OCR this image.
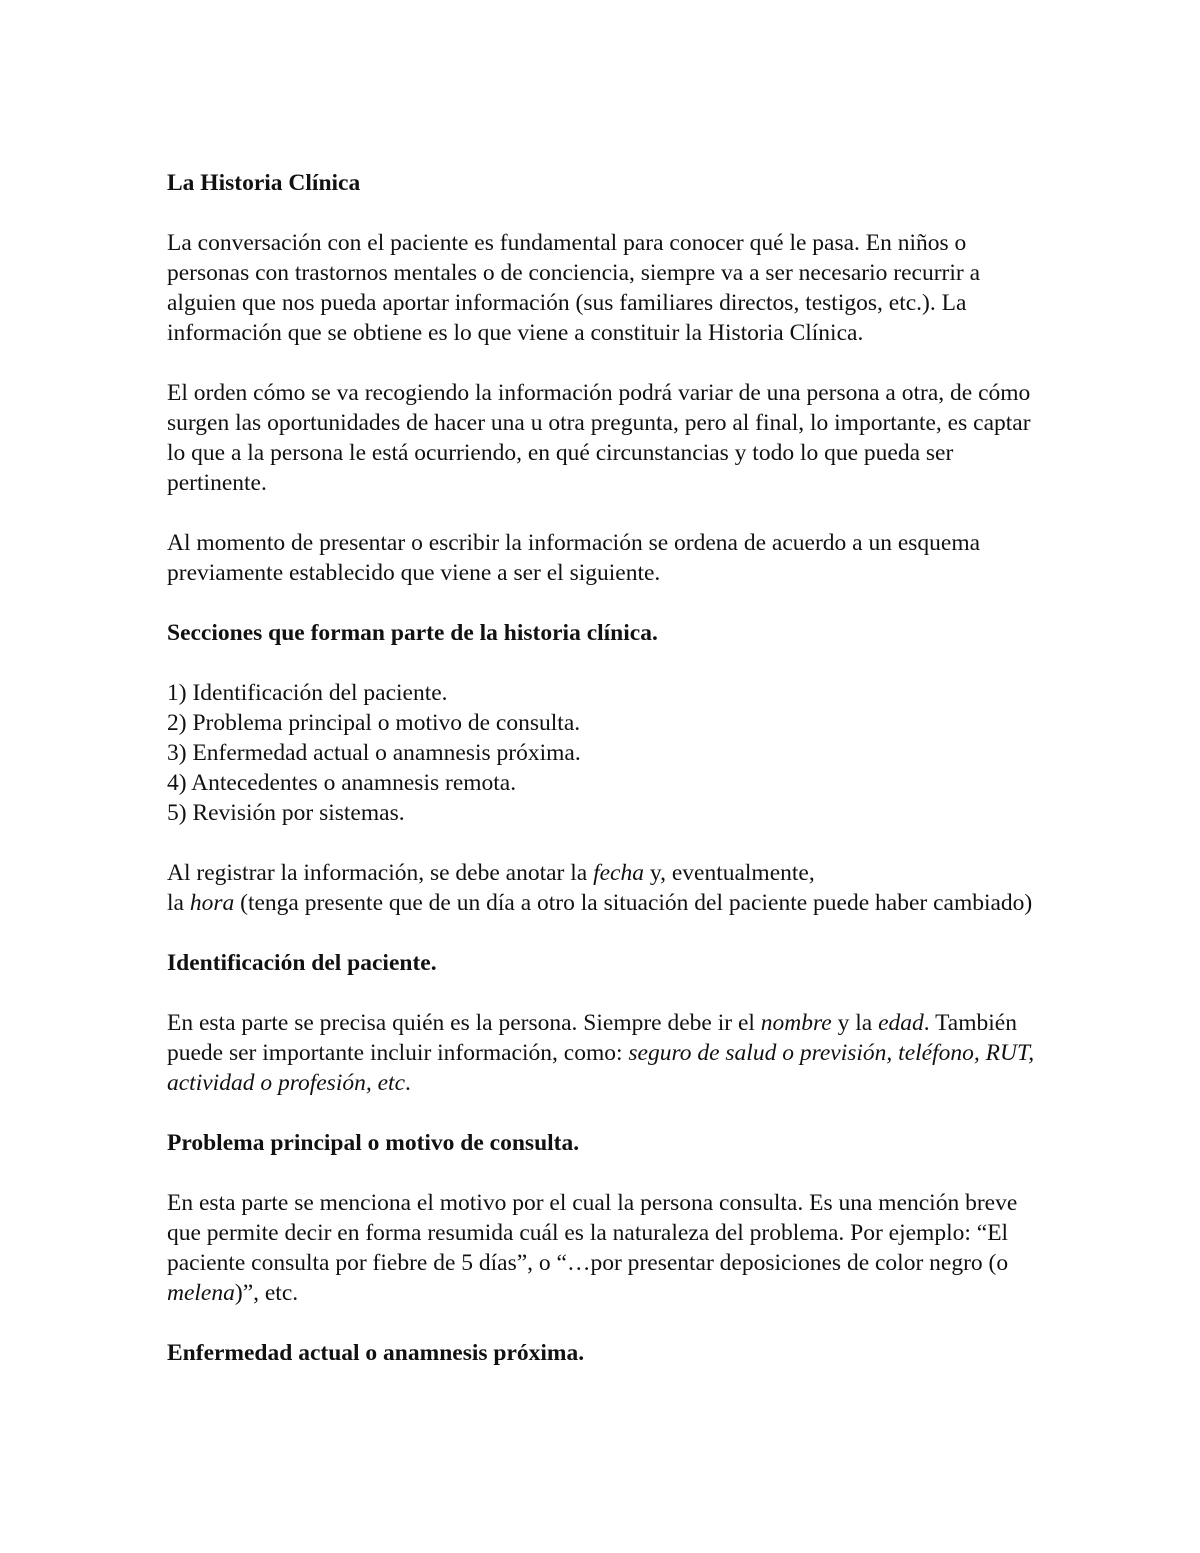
La Historia Clínica

La conversación con el paciente es fundamental para conocer qué le pasa. En niños o personas con trastornos mentales o de conciencia, siempre va a ser necesario recurrir a alguien que nos pueda aportar información (sus familiares directos, testigos, etc.). La información que se obtiene es lo que viene a constituir la Historia Clínica.

El orden cómo se va recogiendo la información podrá variar de una persona a otra, de cómo surgen las oportunidades de hacer una u otra pregunta, pero al final, lo importante, es captar lo que a la persona le está ocurriendo, en qué circunstancias y todo lo que pueda ser pertinente.

Al momento de presentar o escribir la información se ordena de acuerdo a un esquema previamente establecido que viene a ser el siguiente.

Secciones que forman parte de la historia clínica.
1) Identificación del paciente.
2) Problema principal o motivo de consulta.
3) Enfermedad actual o anamnesis próxima.
4) Antecedentes o anamnesis remota.
5) Revisión por sistemas.

Al registrar la información, se debe anotar la fecha y, eventualmente,
la hora (tenga presente que de un día a otro la situación del paciente puede haber cambiado)

Identificación del paciente.

En esta parte se precisa quién es la persona. Siempre debe ir el nombre y la edad. También puede ser importante incluir información, como: seguro de salud o previsión, teléfono, RUT, actividad o profesión, etc.

Problema principal o motivo de consulta.

En esta parte se menciona el motivo por el cual la persona consulta. Es una mención breve que permite decir en forma resumida cuál es la naturaleza del problema. Por ejemplo: “El paciente consulta por fiebre de 5 días”, o “…por presentar deposiciones de color negro (o melena)”, etc.

Enfermedad actual o anamnesis próxima.
